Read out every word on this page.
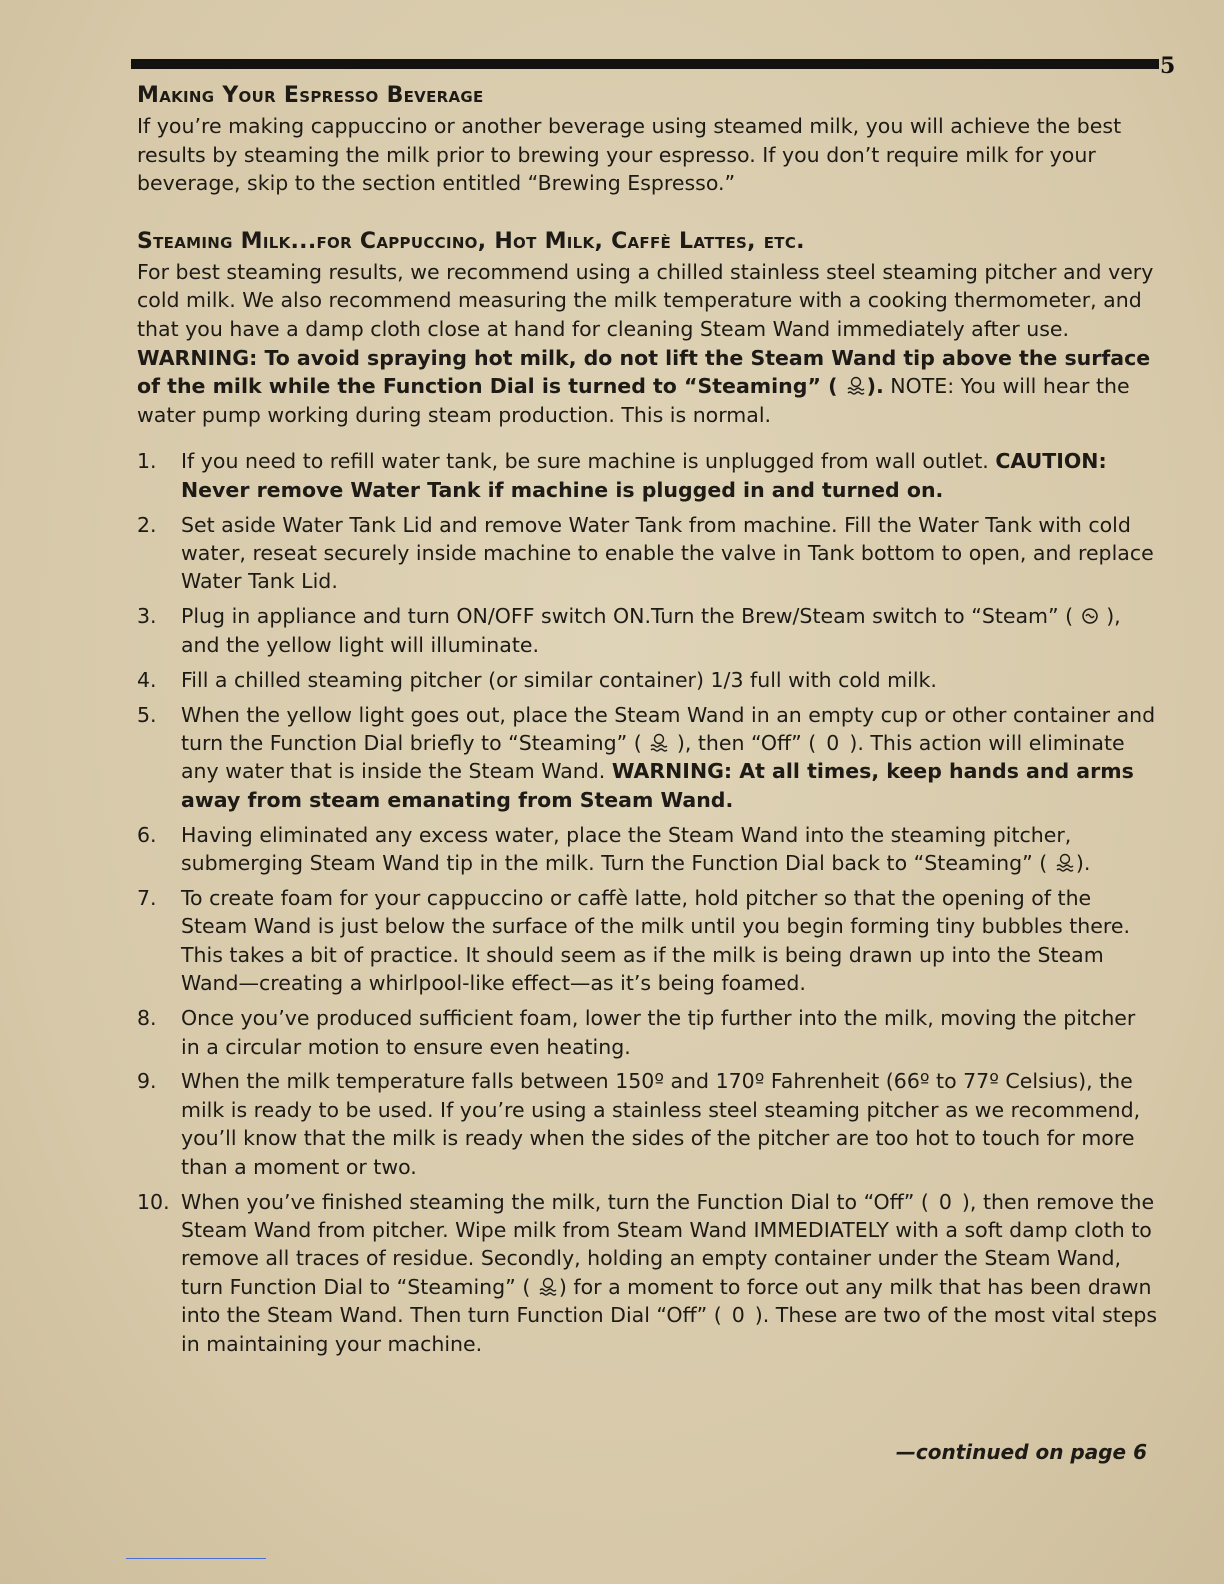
5
Making Your Espresso Beverage

If you’re making cappuccino or another beverage using steamed milk, you will achieve the best results by steaming the milk prior to brewing your espresso. If you don’t require milk for your beverage, skip to the section entitled “Brewing Espresso.”

Steaming Milk...for Cappuccino, Hot Milk, Caffè Lattes, etc.

For best steaming results, we recommend using a chilled stainless steel steaming pitcher and very cold milk. We also recommend measuring the milk temperature with a cooking thermometer, and that you have a damp cloth close at hand for cleaning Steam Wand immediately after use. WARNING: To avoid spraying hot milk, do not lift the Steam Wand tip above the surface of the milk while the Function Dial is turned to “Steaming” ( ). NOTE: You will hear the water pump working during steam production. This is normal.

1. If you need to refill water tank, be sure machine is unplugged from wall outlet. CAUTION: Never remove Water Tank if machine is plugged in and turned on.
2. Set aside Water Tank Lid and remove Water Tank from machine. Fill the Water Tank with cold water, reseat securely inside machine to enable the valve in Tank bottom to open, and replace Water Tank Lid.
3. Plug in appliance and turn ON/OFF switch ON.Turn the Brew/Steam switch to “Steam” (  ), and the yellow light will illuminate.
4. Fill a chilled steaming pitcher (or similar container) 1/3 full with cold milk.
5. When the yellow light goes out, place the Steam Wand in an empty cup or other container and turn the Function Dial briefly to “Steaming” (  ), then “Off” ( 0 ). This action will eliminate any water that is inside the Steam Wand. WARNING: At all times, keep hands and arms away from steam emanating from Steam Wand.
6. Having eliminated any excess water, place the Steam Wand into the steaming pitcher, submerging Steam Wand tip in the milk. Turn the Function Dial back to “Steaming” ( ).
7. To create foam for your cappuccino or caffè latte, hold pitcher so that the opening of the Steam Wand is just below the surface of the milk until you begin forming tiny bubbles there. This takes a bit of practice. It should seem as if the milk is being drawn up into the Steam Wand—creating a whirlpool-like effect—as it’s being foamed.
8. Once you’ve produced sufficient foam, lower the tip further into the milk, moving the pitcher in a circular motion to ensure even heating.
9. When the milk temperature falls between 150º and 170º Fahrenheit (66º to 77º Celsius), the milk is ready to be used. If you’re using a stainless steel steaming pitcher as we recommend, you’ll know that the milk is ready when the sides of the pitcher are too hot to touch for more than a moment or two.
10. When you’ve finished steaming the milk, turn the Function Dial to “Off” ( 0 ), then remove the Steam Wand from pitcher. Wipe milk from Steam Wand IMMEDIATELY with a soft damp cloth to remove all traces of residue. Secondly, holding an empty container under the Steam Wand, turn Function Dial to “Steaming” ( ) for a moment to force out any milk that has been drawn into the Steam Wand. Then turn Function Dial “Off” ( 0 ). These are two of the most vital steps in maintaining your machine.
—continued on page 6
